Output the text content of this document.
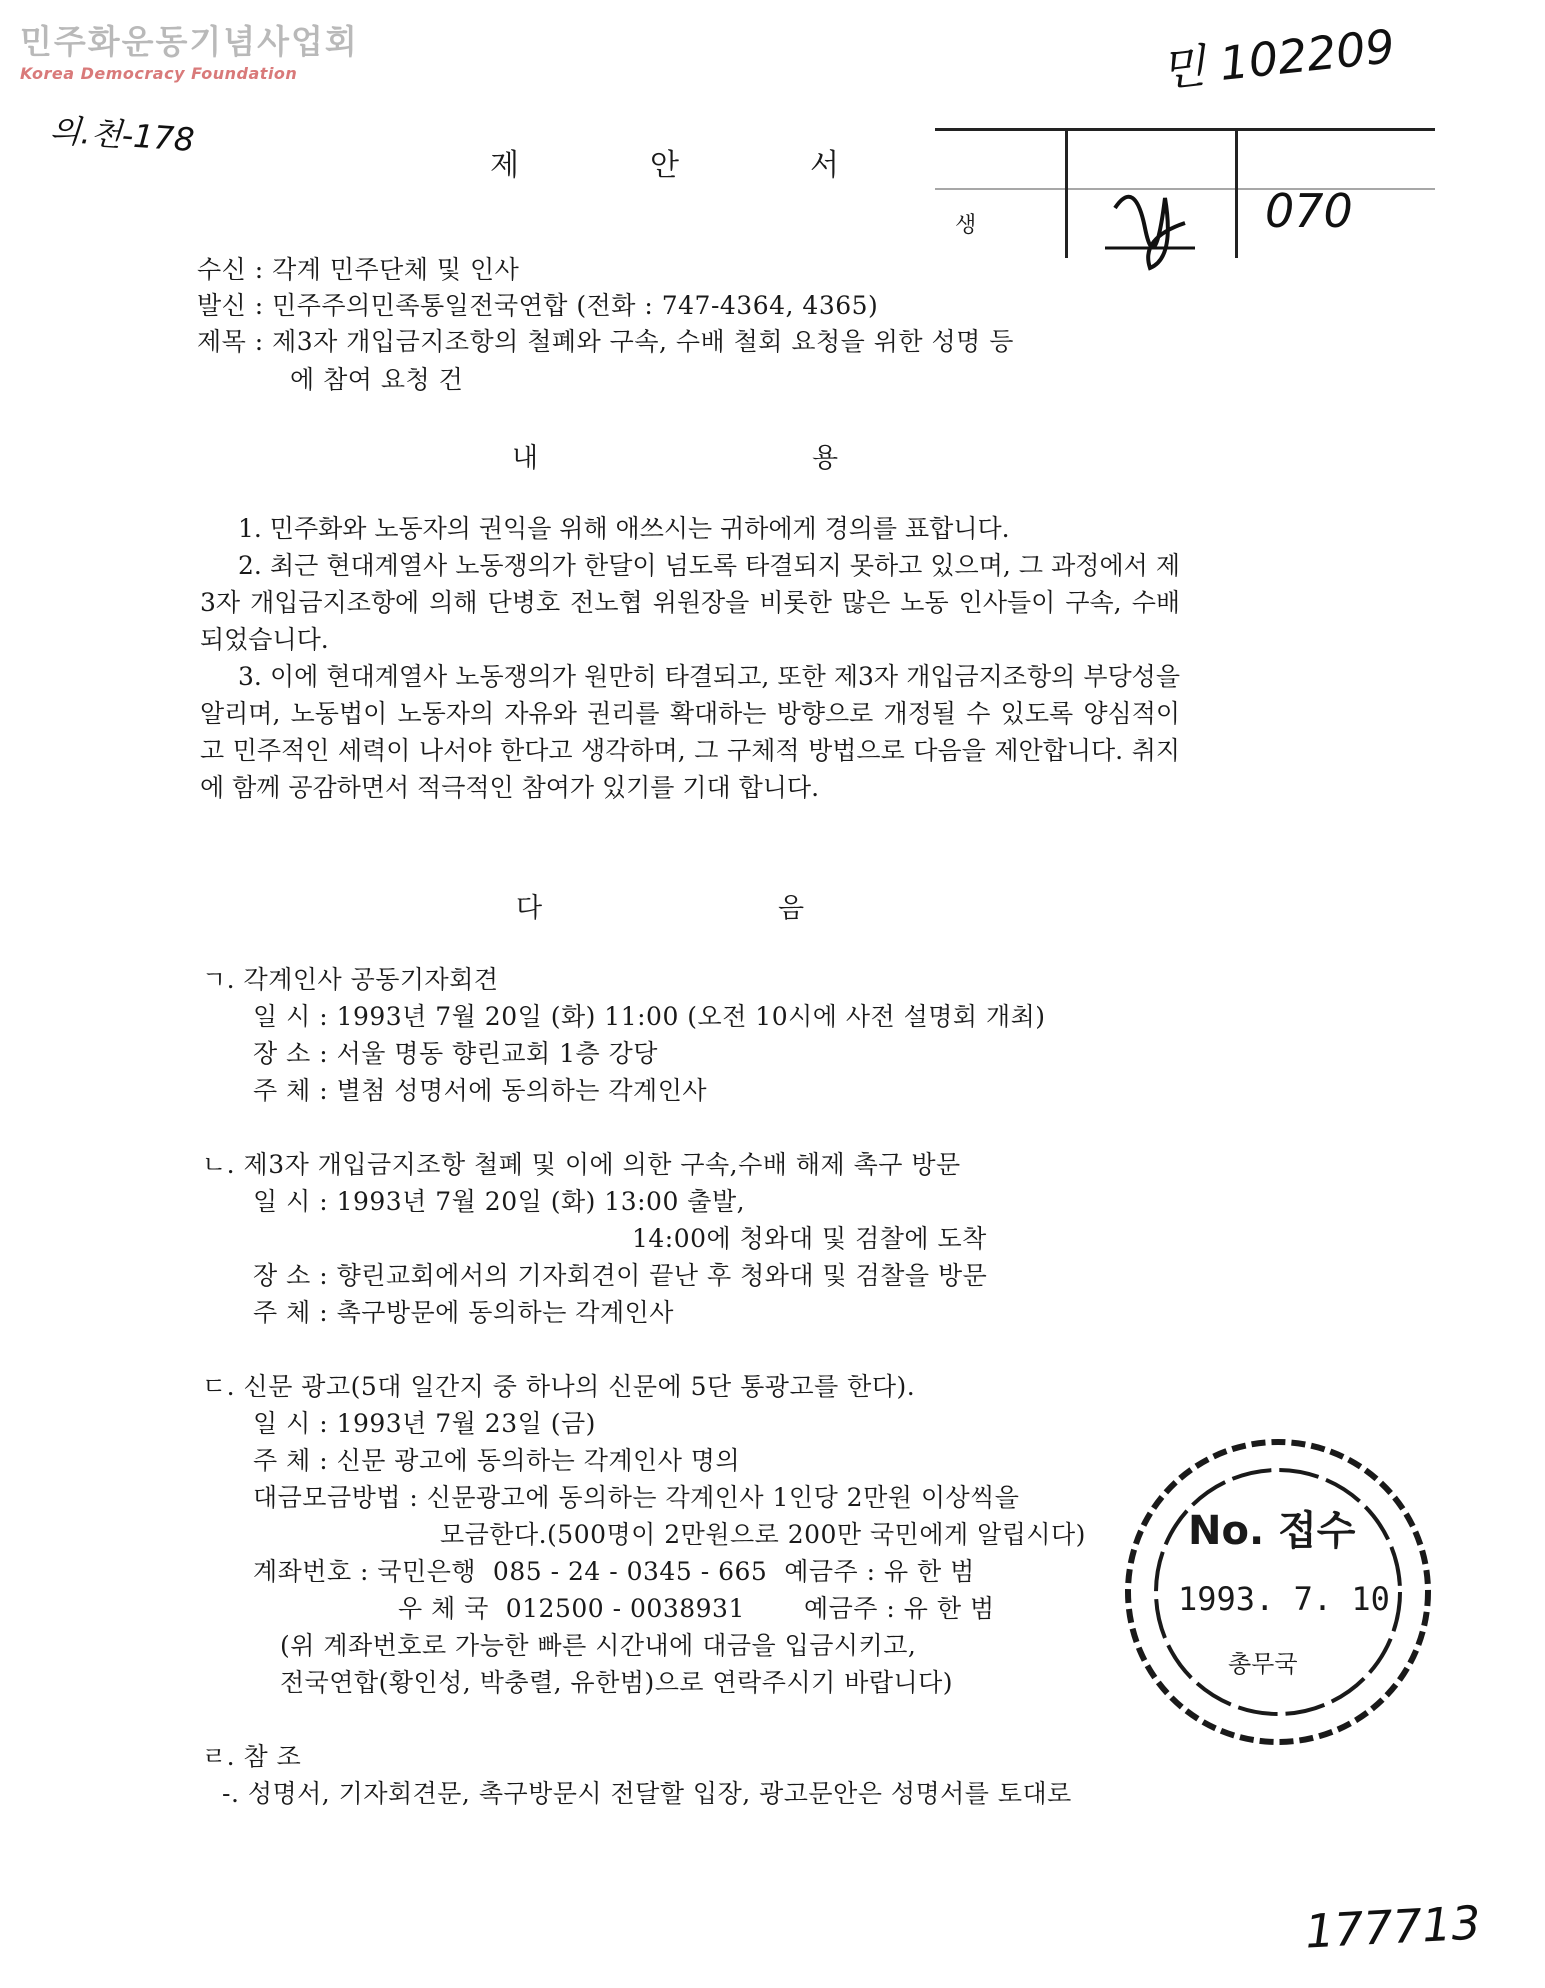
민주화운동기념사업회
Korea Democracy Foundation
의.천-178
민 102209
177713
생	070
제	안	서
수신 : 각계 민주단체 및 인사
발신 : 민주주의민족통일전국연합 (전화 : 747-4364, 4365)
제목 : 제3자 개입금지조항의 철폐와 구속, 수배 철회 요청을 위한 성명 등
에 참여 요청 건
내	용

1. 민주화와 노동자의 권익을 위해 애쓰시는 귀하에게 경의를 표합니다.

2. 최근 현대계열사 노동쟁의가 한달이 넘도록 타결되지 못하고 있으며, 그 과정에서 제3자 개입금지조항에 의해 단병호 전노협 위원장을 비롯한 많은 노동 인사들이 구속, 수배되었습니다.

3. 이에 현대계열사 노동쟁의가 원만히 타결되고, 또한 제3자 개입금지조항의 부당성을 알리며, 노동법이 노동자의 자유와 권리를 확대하는 방향으로 개정될 수 있도록 양심적이고 민주적인 세력이 나서야 한다고 생각하며, 그 구체적 방법으로 다음을 제안합니다. 취지에 함께 공감하면서 적극적인 참여가 있기를 기대 합니다.

다	음
ㄱ. 각계인사 공동기자회견
일 시 : 1993년 7월 20일 (화) 11:00 (오전 10시에 사전 설명회 개최)
장 소 : 서울 명동 향린교회 1층 강당
주 체 : 별첨 성명서에 동의하는 각계인사
ㄴ. 제3자 개입금지조항 철폐 및 이에 의한 구속,수배 해제 촉구 방문
일 시 : 1993년 7월 20일 (화) 13:00 출발,
14:00에 청와대 및 검찰에 도착
장 소 : 향린교회에서의 기자회견이 끝난 후 청와대 및 검찰을 방문
주 체 : 촉구방문에 동의하는 각계인사
ㄷ. 신문 광고(5대 일간지 중 하나의 신문에 5단 통광고를 한다).
일 시 : 1993년 7월 23일 (금)
주 체 : 신문 광고에 동의하는 각계인사 명의
대금모금방법 : 신문광고에 동의하는 각계인사 1인당 2만원 이상씩을
모금한다.(500명이 2만원으로 200만 국민에게 알립시다)
계좌번호 : 국민은행  085 - 24 - 0345 - 665  예금주 : 유 한 범
우 체 국  012500 - 0038931       예금주 : 유 한 범
(위 계좌번호로 가능한 빠른 시간내에 대금을 입금시키고,
전국연합(황인성, 박충렬, 유한범)으로 연락주시기 바랍니다)
ㄹ. 참 조
-. 성명서, 기자회견문, 촉구방문시 전달할 입장, 광고문안은 성명서를 토대로
No. 접수
1993. 7. 10
총무국
